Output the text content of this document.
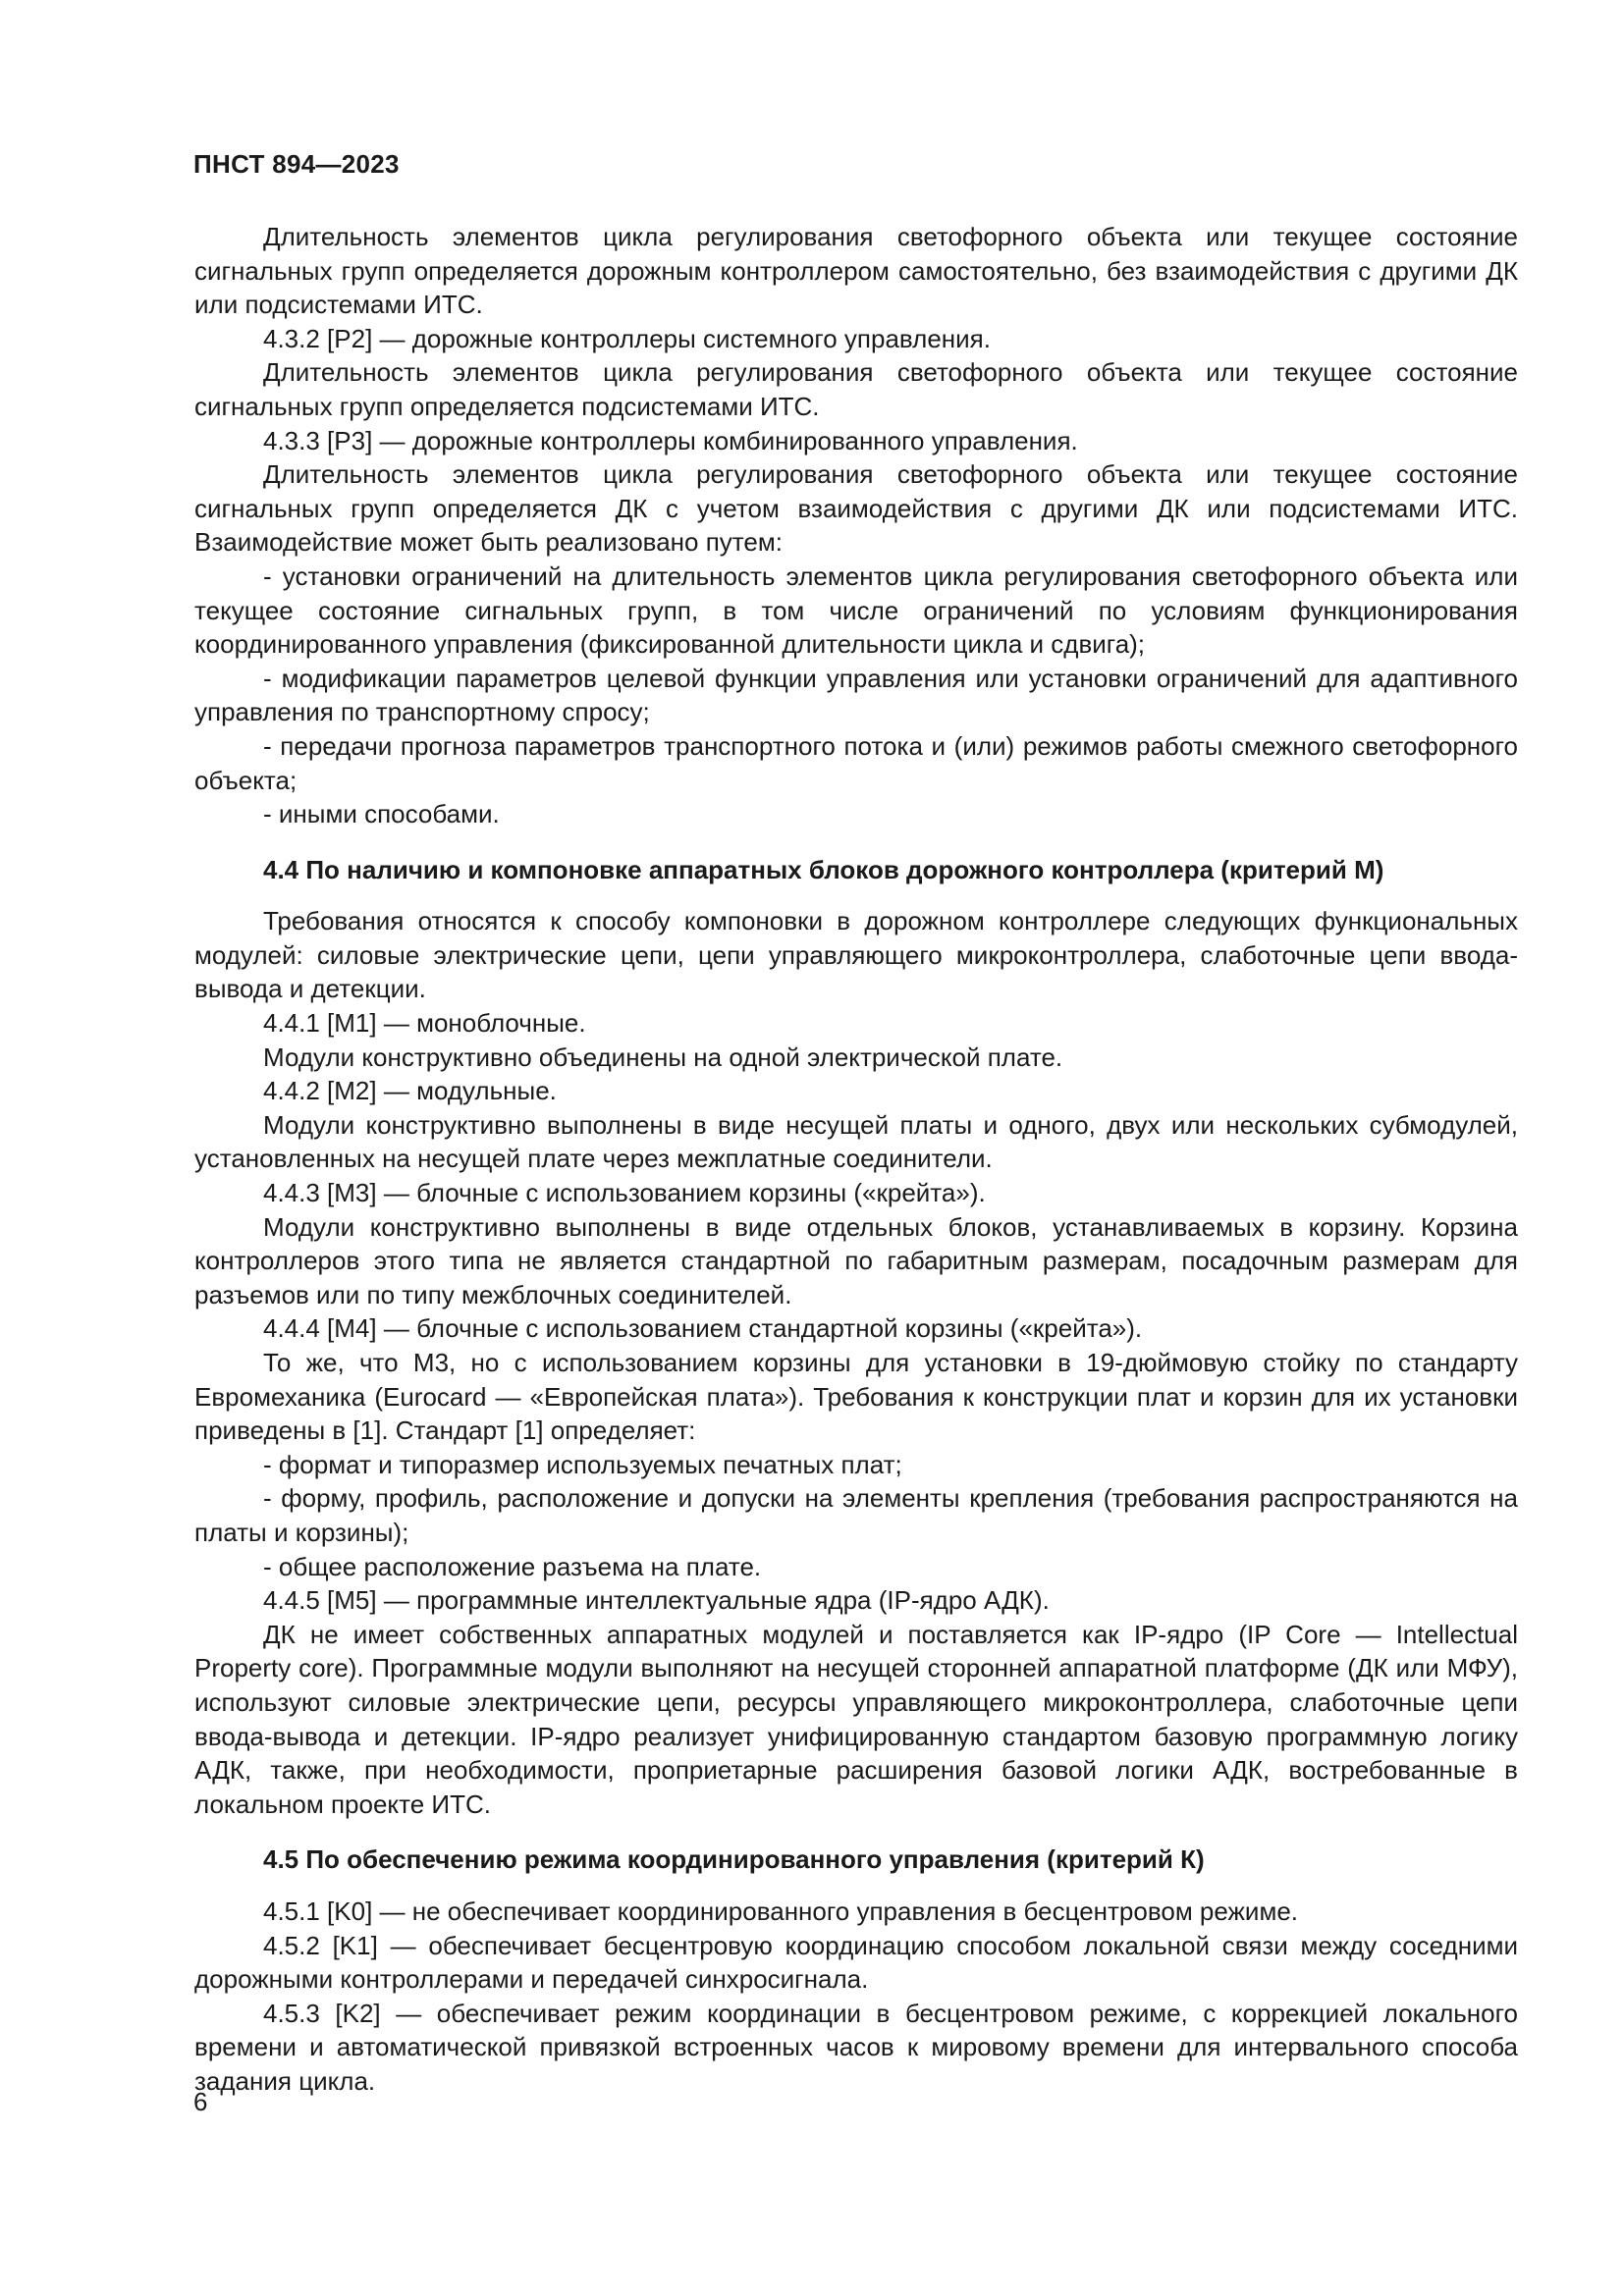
ПНСТ 894—2023

Длительность элементов цикла регулирования светофорного объекта или текущее состояние сигнальных групп определяется дорожным контроллером самостоятельно, без взаимодействия с другими ДК или подсистемами ИТС.

4.3.2 [P2] — дорожные контроллеры системного управления.

Длительность элементов цикла регулирования светофорного объекта или текущее состояние сигнальных групп определяется подсистемами ИТС.

4.3.3 [P3] — дорожные контроллеры комбинированного управления.

Длительность элементов цикла регулирования светофорного объекта или текущее состояние сигнальных групп определяется ДК с учетом взаимодействия с другими ДК или подсистемами ИТС. Взаимодействие может быть реализовано путем:

- установки ограничений на длительность элементов цикла регулирования светофорного объекта или текущее состояние сигнальных групп, в том числе ограничений по условиям функционирования координированного управления (фиксированной длительности цикла и сдвига);

- модификации параметров целевой функции управления или установки ограничений для адаптивного управления по транспортному спросу;

- передачи прогноза параметров транспортного потока и (или) режимов работы смежного светофорного объекта;

- иными способами.

4.4 По наличию и компоновке аппаратных блоков дорожного контроллера (критерий М)

Требования относятся к способу компоновки в дорожном контроллере следующих функциональных модулей: силовые электрические цепи, цепи управляющего микроконтроллера, слаботочные цепи ввода-вывода и детекции.

4.4.1 [M1] — моноблочные.

Модули конструктивно объединены на одной электрической плате.

4.4.2 [M2] — модульные.

Модули конструктивно выполнены в виде несущей платы и одного, двух или нескольких субмодулей, установленных на несущей плате через межплатные соединители.

4.4.3 [M3] — блочные с использованием корзины («крейта»).

Модули конструктивно выполнены в виде отдельных блоков, устанавливаемых в корзину. Корзина контроллеров этого типа не является стандартной по габаритным размерам, посадочным размерам для разъемов или по типу межблочных соединителей.

4.4.4 [M4] — блочные с использованием стандартной корзины («крейта»).

То же, что М3, но с использованием корзины для установки в 19-дюймовую стойку по стандарту Евромеханика (Eurocard — «Европейская плата»). Требования к конструкции плат и корзин для их установки приведены в [1]. Стандарт [1] определяет:

- формат и типоразмер используемых печатных плат;

- форму, профиль, расположение и допуски на элементы крепления (требования распространяются на платы и корзины);

- общее расположение разъема на плате.

4.4.5 [M5] — программные интеллектуальные ядра (IP-ядро АДК).

ДК не имеет собственных аппаратных модулей и поставляется как IP-ядро (IP Core — Intellectual Property core). Программные модули выполняют на несущей сторонней аппаратной платформе (ДК или МФУ), используют силовые электрические цепи, ресурсы управляющего микроконтроллера, слаботочные цепи ввода-вывода и детекции. IP-ядро реализует унифицированную стандартом базовую программную логику АДК, также, при необходимости, проприетарные расширения базовой логики АДК, востребованные в локальном проекте ИТС.

4.5 По обеспечению режима координированного управления (критерий К)

4.5.1 [K0] — не обеспечивает координированного управления в бесцентровом режиме.

4.5.2 [K1] — обеспечивает бесцентровую координацию способом локальной связи между соседними дорожными контроллерами и передачей синхросигнала.

4.5.3 [K2] — обеспечивает режим координации в бесцентровом режиме, с коррекцией локального времени и автоматической привязкой встроенных часов к мировому времени для интервального способа задания цикла.

6
